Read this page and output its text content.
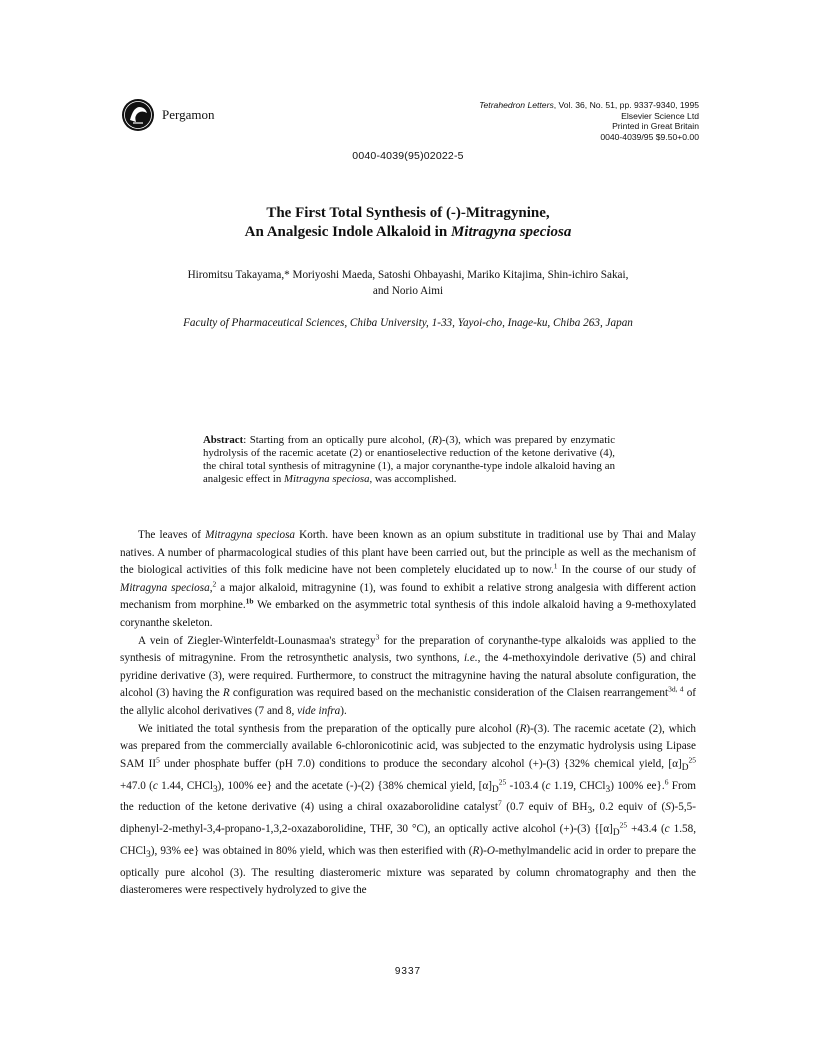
Pergamon
Tetrahedron Letters, Vol. 36, No. 51, pp. 9337-9340, 1995
Elsevier Science Ltd
Printed in Great Britain
0040-4039/95 $9.50+0.00
0040-4039(95)02022-5
The First Total Synthesis of (-)-Mitragynine,
An Analgesic Indole Alkaloid in Mitragyna speciosa
Hiromitsu Takayama,* Moriyoshi Maeda, Satoshi Ohbayashi, Mariko Kitajima, Shin-ichiro Sakai,
and Norio Aimi
Faculty of Pharmaceutical Sciences, Chiba University, 1-33, Yayoi-cho, Inage-ku, Chiba 263, Japan
Abstract: Starting from an optically pure alcohol, (R)-(3), which was prepared by enzymatic hydrolysis of the racemic acetate (2) or enantioselective reduction of the ketone derivative (4), the chiral total synthesis of mitragynine (1), a major corynanthe-type indole alkaloid having an analgesic effect in Mitragyna speciosa, was accomplished.

The leaves of Mitragyna speciosa Korth. have been known as an opium substitute in traditional use by Thai and Malay natives. A number of pharmacological studies of this plant have been carried out, but the principle as well as the mechanism of the biological activities of this folk medicine have not been completely elucidated up to now.$^1$ In the course of our study of Mitragyna speciosa,$^2$ a major alkaloid, mitragynine (1), was found to exhibit a relative strong analgesia with different action mechanism from morphine.$^{1b}$ We embarked on the asymmetric total synthesis of this indole alkaloid having a 9-methoxylated corynanthe skeleton.

A vein of Ziegler-Winterfeldt-Lounasmaa's strategy$^3$ for the preparation of corynanthe-type alkaloids was applied to the synthesis of mitragynine. From the retrosynthetic analysis, two synthons, i.e., the 4-methoxyindole derivative (5) and chiral pyridine derivative (3), were required. Furthermore, to construct the mitragynine having the natural absolute configuration, the alcohol (3) having the R configuration was required based on the mechanistic consideration of the Claisen rearrangement$^{3d, 4}$ of the allylic alcohol derivatives (7 and 8, vide infra).

We initiated the total synthesis from the preparation of the optically pure alcohol (R)-(3). The racemic acetate (2), which was prepared from the commercially available 6-chloronicotinic acid, was subjected to the enzymatic hydrolysis using Lipase SAM $II^5$ under phosphate buffer (pH 7.0) conditions to produce the secondary alcohol (+)-(3) {32% chemical yield, $[\alpha]_D^{25} +47.0$ (c 1.44, CHCl$_3$), 100% ee} and the acetate (-)-(2) {38% chemical yield, $[\alpha]_D^{25}$ -103.4 (c 1.19, CHCl$_3$) 100% ee}.$^6$ From the reduction of the ketone derivative (4) using a chiral oxazaborolidine catalyst$^7$ (0.7 equiv of $BH_3$, 0.2 equiv of (S)-5,5-diphenyl-2-methyl-3,4-propano-1,3,2-oxazaborolidine, THF, 30 °C), an optically active alcohol (+)-(3) {$[\alpha]_D^{25} +43.4$ (c 1.58, CHCl$_3$), 93% ee} was obtained in 80% yield, which was then esterified with (R)-O-methylmandelic acid in order to prepare the optically pure alcohol (3). The resulting diasteromeric mixture was separated by column chromatography and then the diasteromeres were respectively hydrolyzed to give the

9337
